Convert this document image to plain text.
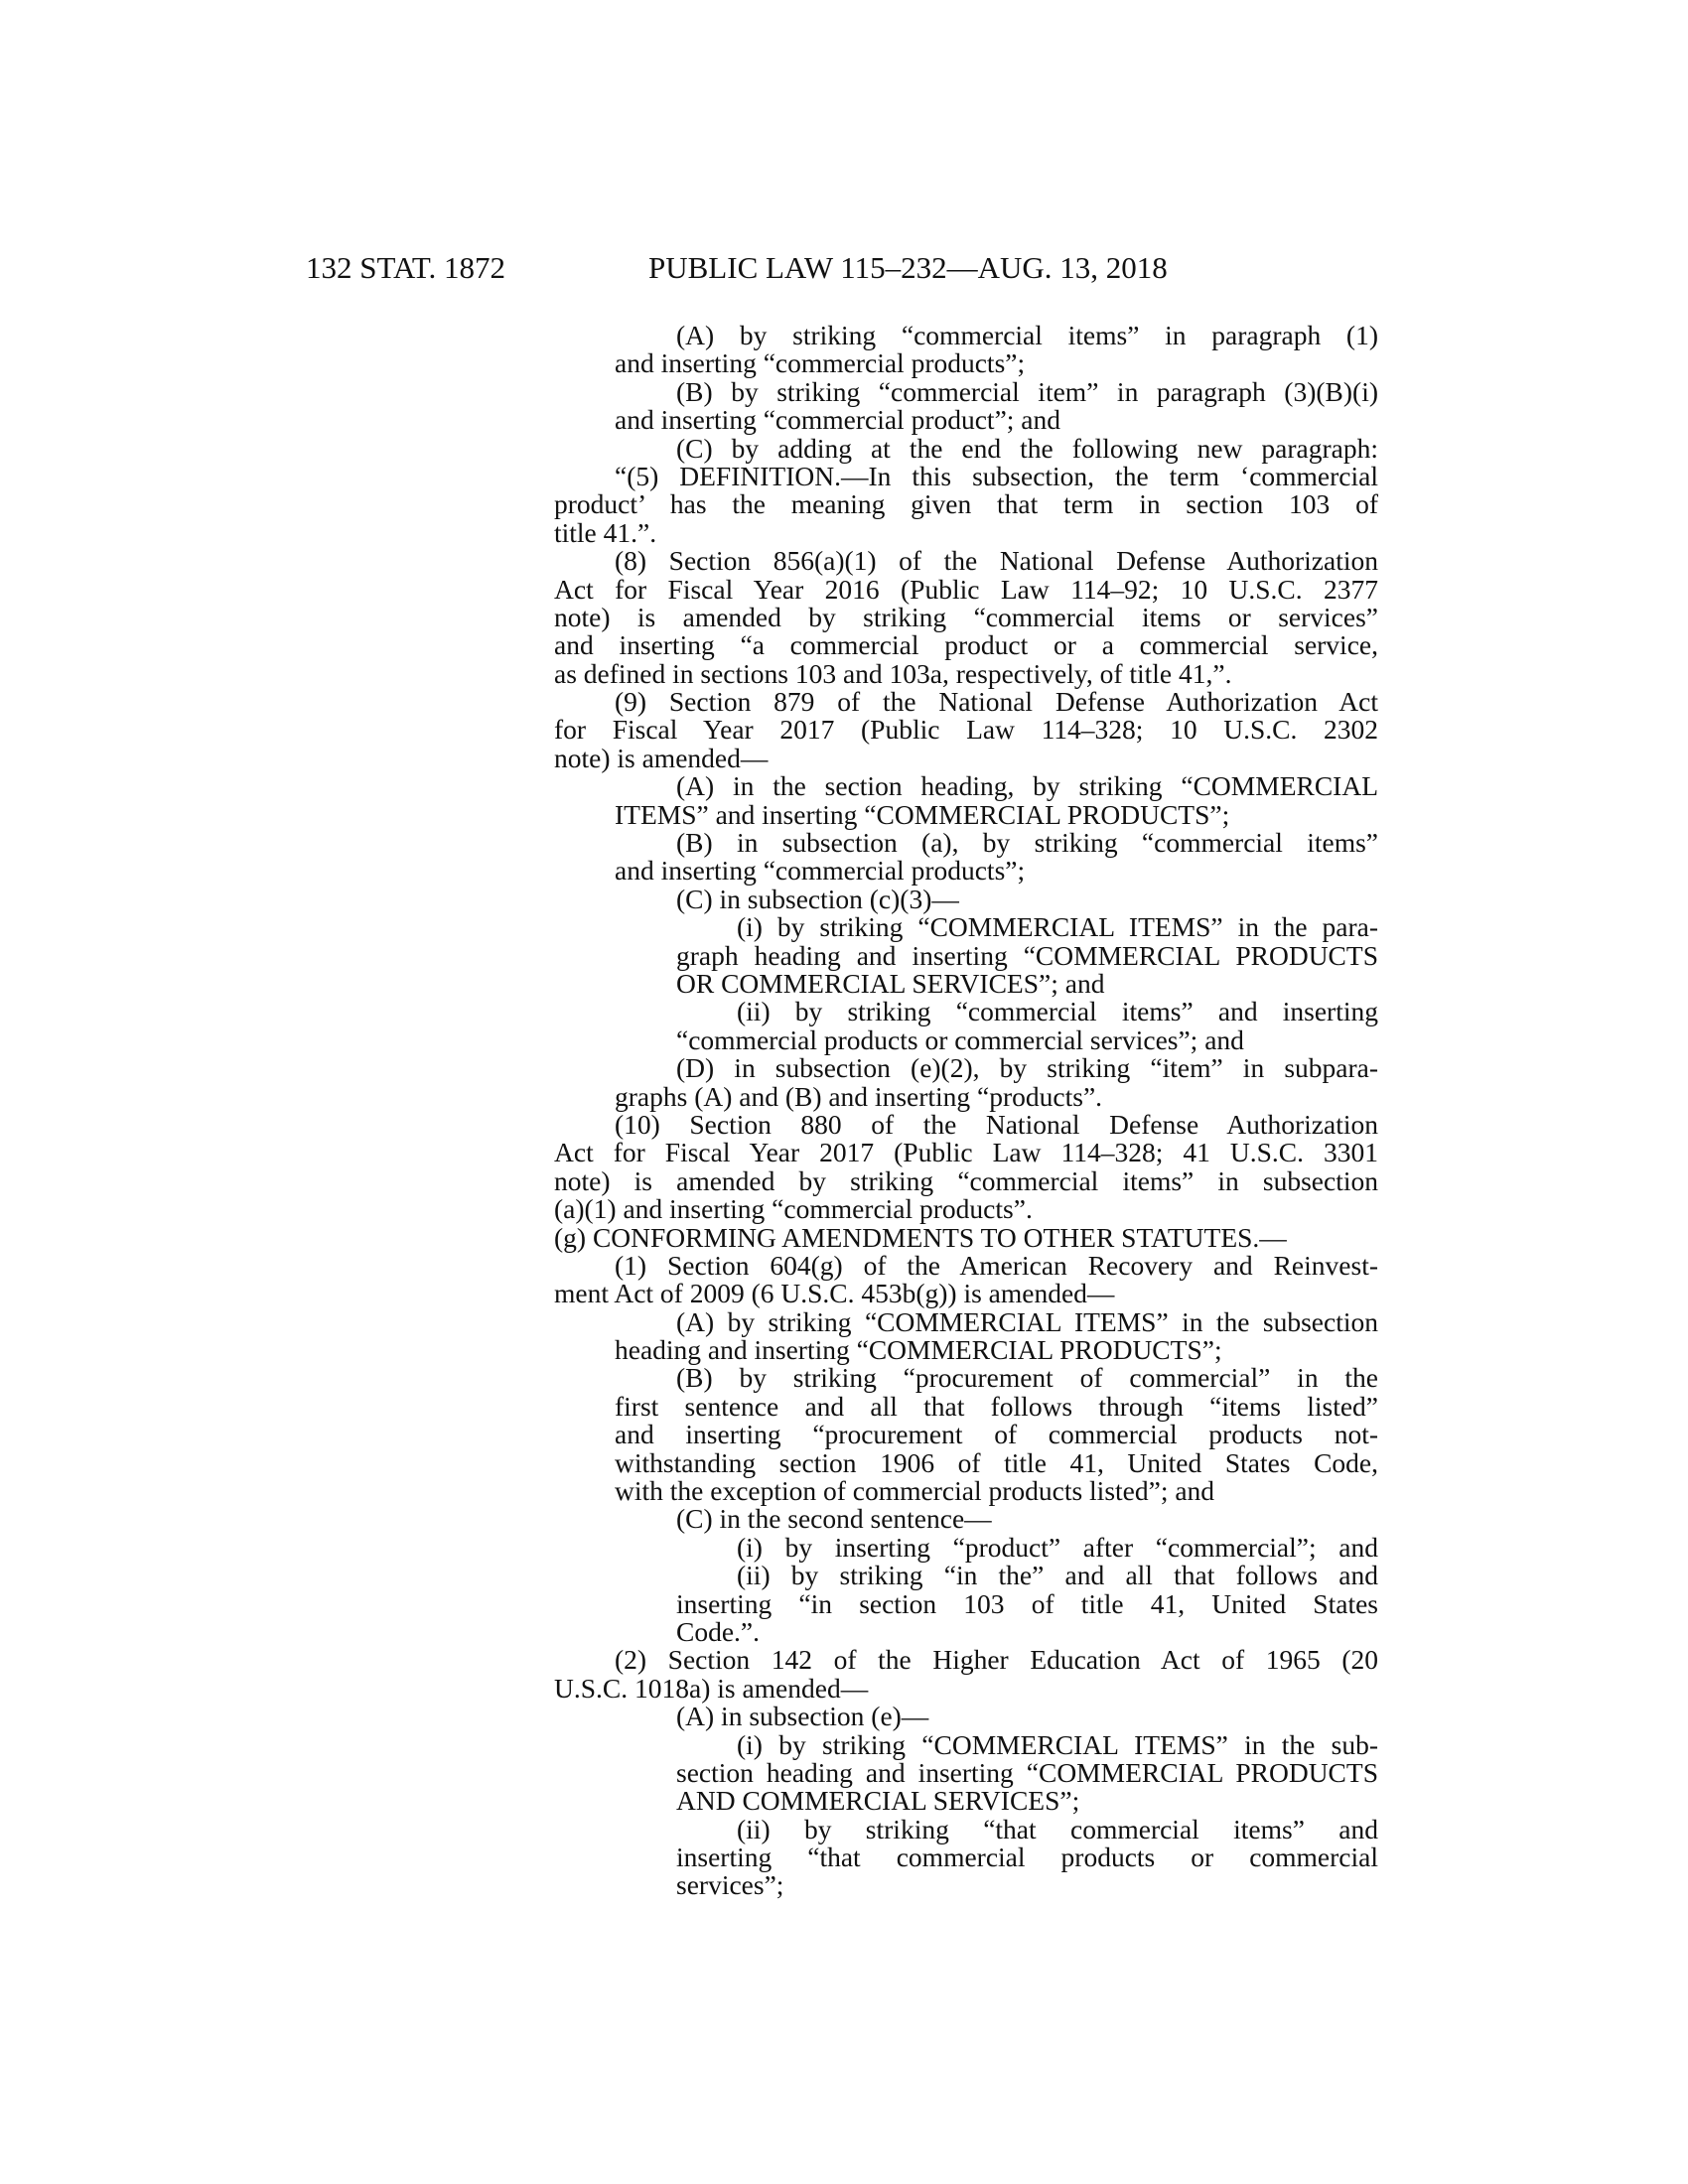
132 STAT. 1872	PUBLIC LAW 115–232—AUG. 13, 2018
(A) by striking “commercial items” in paragraph (1)
and inserting “commercial products”;
(B) by striking “commercial item” in paragraph (3)(B)(i)
and inserting “commercial product”; and
(C) by adding at the end the following new paragraph:
“(5) DEFINITION.—In this subsection, the term ‘commercial
product’ has the meaning given that term in section 103 of
title 41.”.
(8) Section 856(a)(1) of the National Defense Authorization
Act for Fiscal Year 2016 (Public Law 114–92; 10 U.S.C. 2377
note) is amended by striking “commercial items or services”
and inserting “a commercial product or a commercial service,
as defined in sections 103 and 103a, respectively, of title 41,”.
(9) Section 879 of the National Defense Authorization Act
for Fiscal Year 2017 (Public Law 114–328; 10 U.S.C. 2302
note) is amended—
(A) in the section heading, by striking “COMMERCIAL
ITEMS” and inserting “COMMERCIAL PRODUCTS”;
(B) in subsection (a), by striking “commercial items”
and inserting “commercial products”;
(C) in subsection (c)(3)—
(i) by striking “COMMERCIAL ITEMS” in the para-
graph heading and inserting “COMMERCIAL PRODUCTS
OR COMMERCIAL SERVICES”; and
(ii) by striking “commercial items” and inserting
“commercial products or commercial services”; and
(D) in subsection (e)(2), by striking “item” in subpara-
graphs (A) and (B) and inserting “products”.
(10) Section 880 of the National Defense Authorization
Act for Fiscal Year 2017 (Public Law 114–328; 41 U.S.C. 3301
note) is amended by striking “commercial items” in subsection
(a)(1) and inserting “commercial products”.
(g) CONFORMING AMENDMENTS TO OTHER STATUTES.—
(1) Section 604(g) of the American Recovery and Reinvest-
ment Act of 2009 (6 U.S.C. 453b(g)) is amended—
(A) by striking “COMMERCIAL ITEMS” in the subsection
heading and inserting “COMMERCIAL PRODUCTS”;
(B) by striking “procurement of commercial” in the
first sentence and all that follows through “items listed”
and inserting “procurement of commercial products not-
withstanding section 1906 of title 41, United States Code,
with the exception of commercial products listed”; and
(C) in the second sentence—
(i) by inserting “product” after “commercial”; and
(ii) by striking “in the” and all that follows and
inserting “in section 103 of title 41, United States
Code.”.
(2) Section 142 of the Higher Education Act of 1965 (20
U.S.C. 1018a) is amended—
(A) in subsection (e)—
(i) by striking “COMMERCIAL ITEMS” in the sub-
section heading and inserting “COMMERCIAL PRODUCTS
AND COMMERCIAL SERVICES”;
(ii) by striking “that commercial items” and
inserting “that commercial products or commercial
services”;
